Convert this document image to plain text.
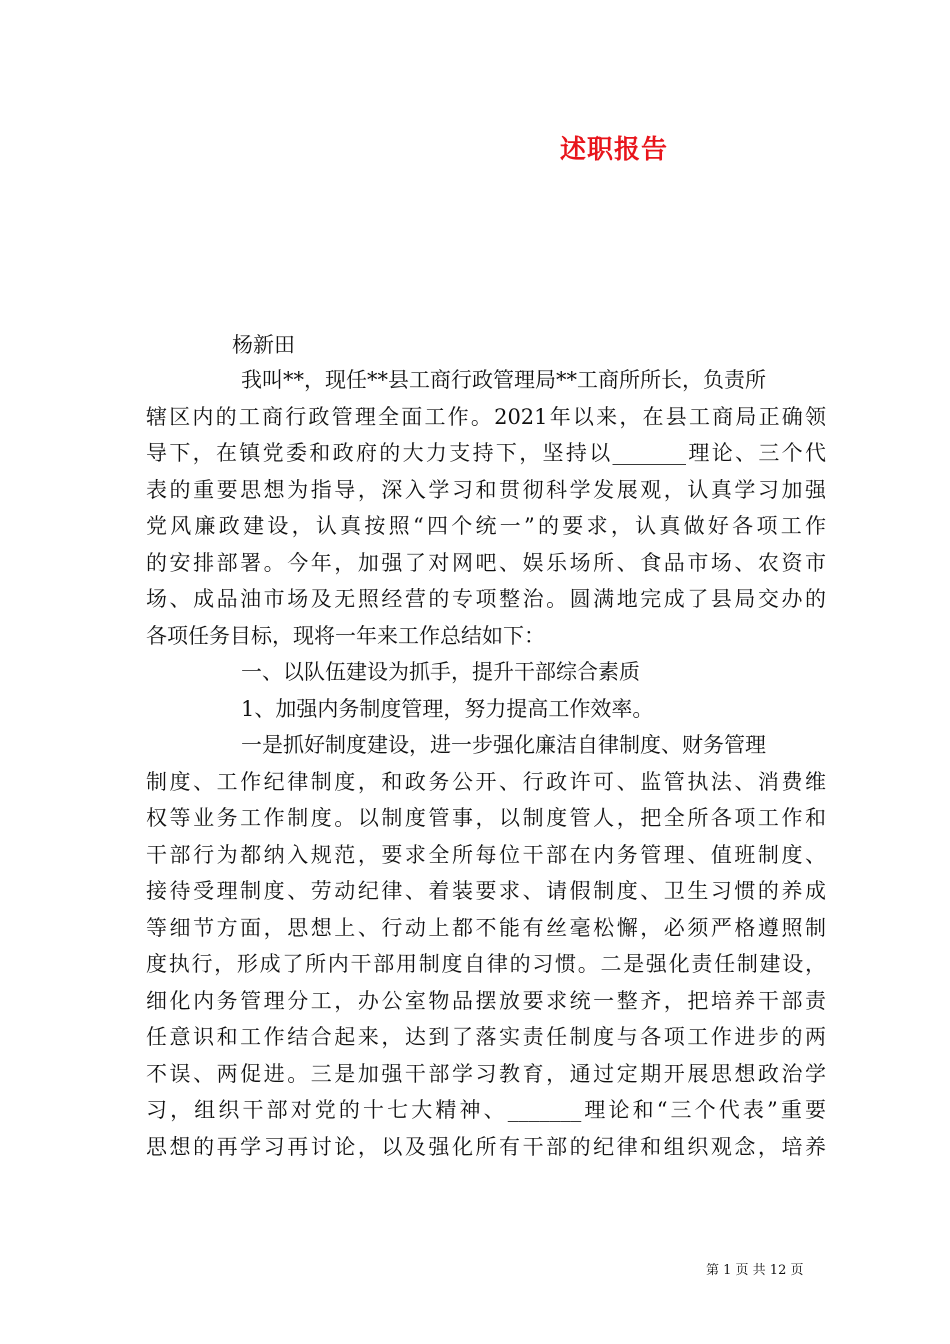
述职报告
杨新田
我叫**，现任**县工商行政管理局**工商所所长，负责所
辖区内的工商行政管理全面工作。2021年以来，在县工商局正确领
导下，在镇党委和政府的大力支持下，坚持以_______理论、三个代
表的重要思想为指导，深入学习和贯彻科学发展观，认真学习加强
党风廉政建设，认真按照“四个统一”的要求，认真做好各项工作
的安排部署。今年，加强了对网吧、娱乐场所、食品市场、农资市
场、成品油市场及无照经营的专项整治。圆满地完成了县局交办的
各项任务目标，现将一年来工作总结如下：
一、以队伍建设为抓手，提升干部综合素质
1、加强内务制度管理，努力提高工作效率。
一是抓好制度建设，进一步强化廉洁自律制度、财务管理
制度、工作纪律制度，和政务公开、行政许可、监管执法、消费维
权等业务工作制度。以制度管事，以制度管人，把全所各项工作和
干部行为都纳入规范，要求全所每位干部在内务管理、值班制度、
接待受理制度、劳动纪律、着装要求、请假制度、卫生习惯的养成
等细节方面，思想上、行动上都不能有丝毫松懈，必须严格遵照制
度执行，形成了所内干部用制度自律的习惯。二是强化责任制建设，
细化内务管理分工，办公室物品摆放要求统一整齐，把培养干部责
任意识和工作结合起来，达到了落实责任制度与各项工作进步的两
不误、两促进。三是加强干部学习教育，通过定期开展思想政治学
习，组织干部对党的十七大精神、_______理论和“三个代表”重要
思想的再学习再讨论，以及强化所有干部的纪律和组织观念，培养
第 1 页 共 12 页
